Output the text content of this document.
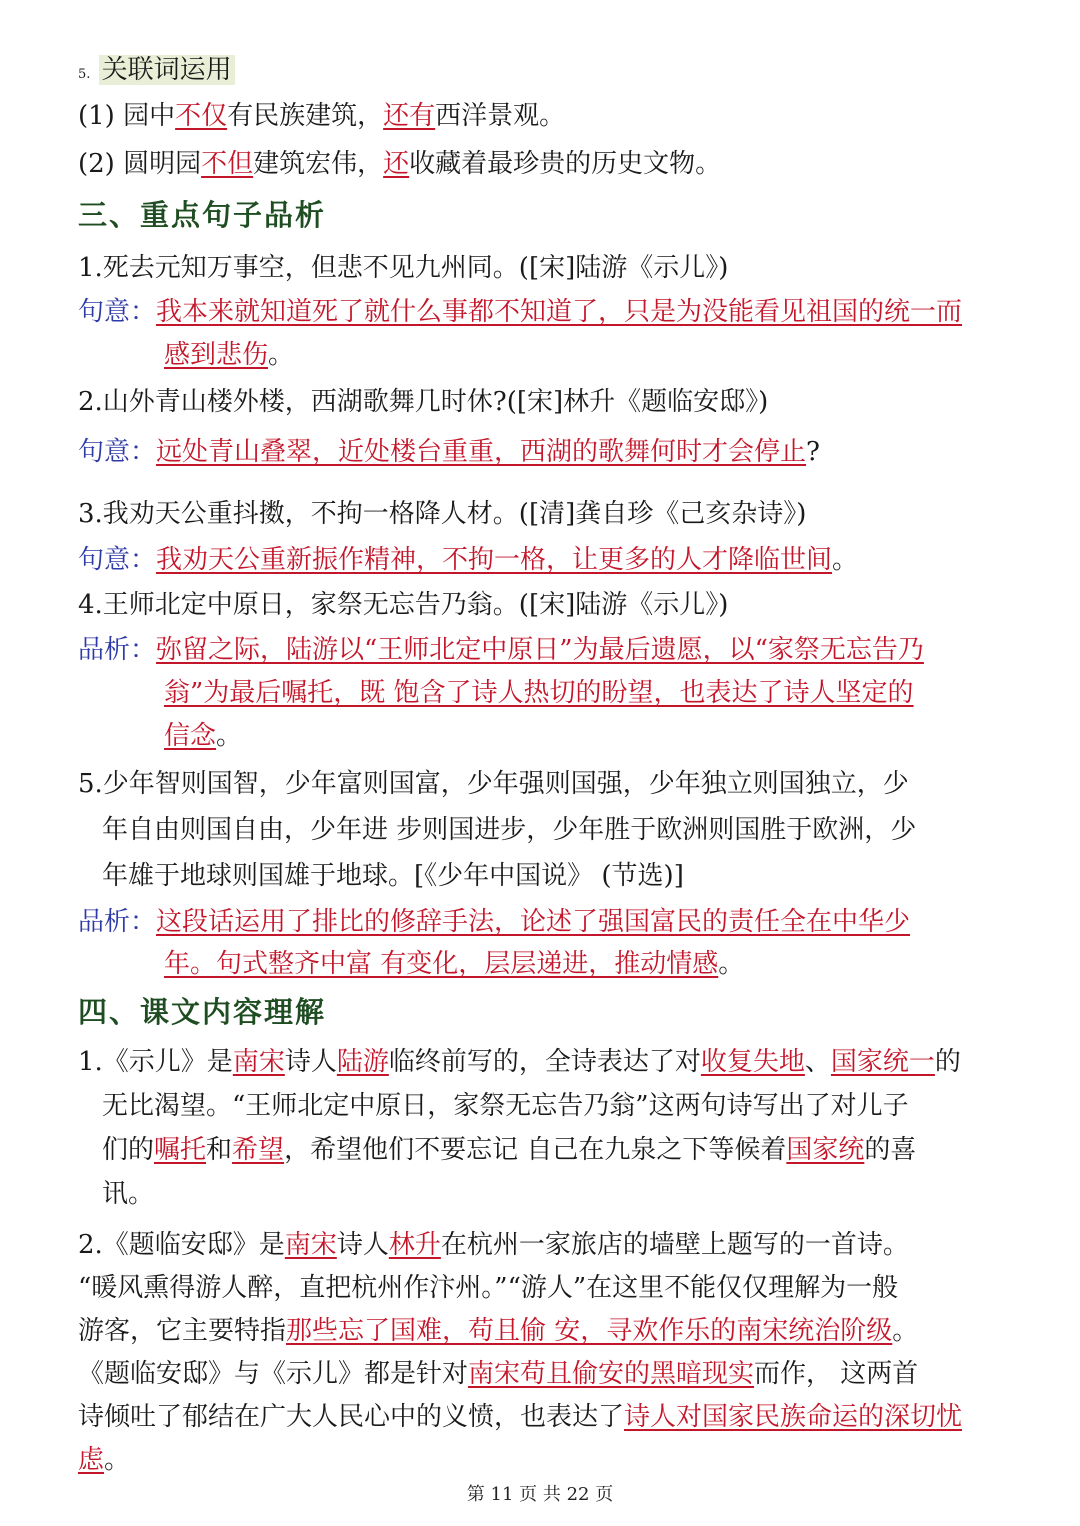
5. 关联词运用
(1) 园中不仅有民族建筑，还有西洋景观。
(2) 圆明园不但建筑宏伟，还收藏着最珍贵的历史文物。
三、重点句子品析
1.死去元知万事空，但悲不见九州同。([宋]陆游《示儿》)
句意：我本来就知道死了就什么事都不知道了，只是为没能看见祖国的统一而
感到悲伤。
2.山外青山楼外楼，西湖歌舞几时休?([宋]林升《题临安邸》)
句意：远处青山叠翠，近处楼台重重，西湖的歌舞何时才会停止?
3.我劝天公重抖擞，不拘一格降人材。([清]龚自珍《己亥杂诗》)
句意：我劝天公重新振作精神，不拘一格，让更多的人才降临世间。
4.王师北定中原日，家祭无忘告乃翁。([宋]陆游《示儿》)
品析：弥留之际，陆游以“王师北定中原日”为最后遗愿，以“家祭无忘告乃
翁”为最后嘱托，既 饱含了诗人热切的盼望，也表达了诗人坚定的
信念。
5.少年智则国智，少年富则国富，少年强则国强，少年独立则国独立，少
年自由则国自由，少年进 步则国进步，少年胜于欧洲则国胜于欧洲，少
年雄于地球则国雄于地球。[《少年中国说》 (节选)]
品析：这段话运用了排比的修辞手法，论述了强国富民的责任全在中华少
年。句式整齐中富 有变化，层层递进，推动情感。
四、课文内容理解
1.《示儿》是南宋诗人陆游临终前写的，全诗表达了对收复失地、国家统一的
无比渴望。“王师北定中原日，家祭无忘告乃翁”这两句诗写出了对儿子
们的嘱托和希望，希望他们不要忘记 自己在九泉之下等候着国家统的喜
讯。
2.《题临安邸》是南宋诗人林升在杭州一家旅店的墙壁上题写的一首诗。
“暖风熏得游人醉，直把杭州作汴州。”“游人”在这里不能仅仅理解为一般
游客，它主要特指那些忘了国难，苟且偷 安，寻欢作乐的南宋统治阶级。
《题临安邸》与《示儿》都是针对南宋苟且偷安的黑暗现实而作， 这两首
诗倾吐了郁结在广大人民心中的义愤，也表达了诗人对国家民族命运的深切忧
虑。
第 11 页 共 22 页
